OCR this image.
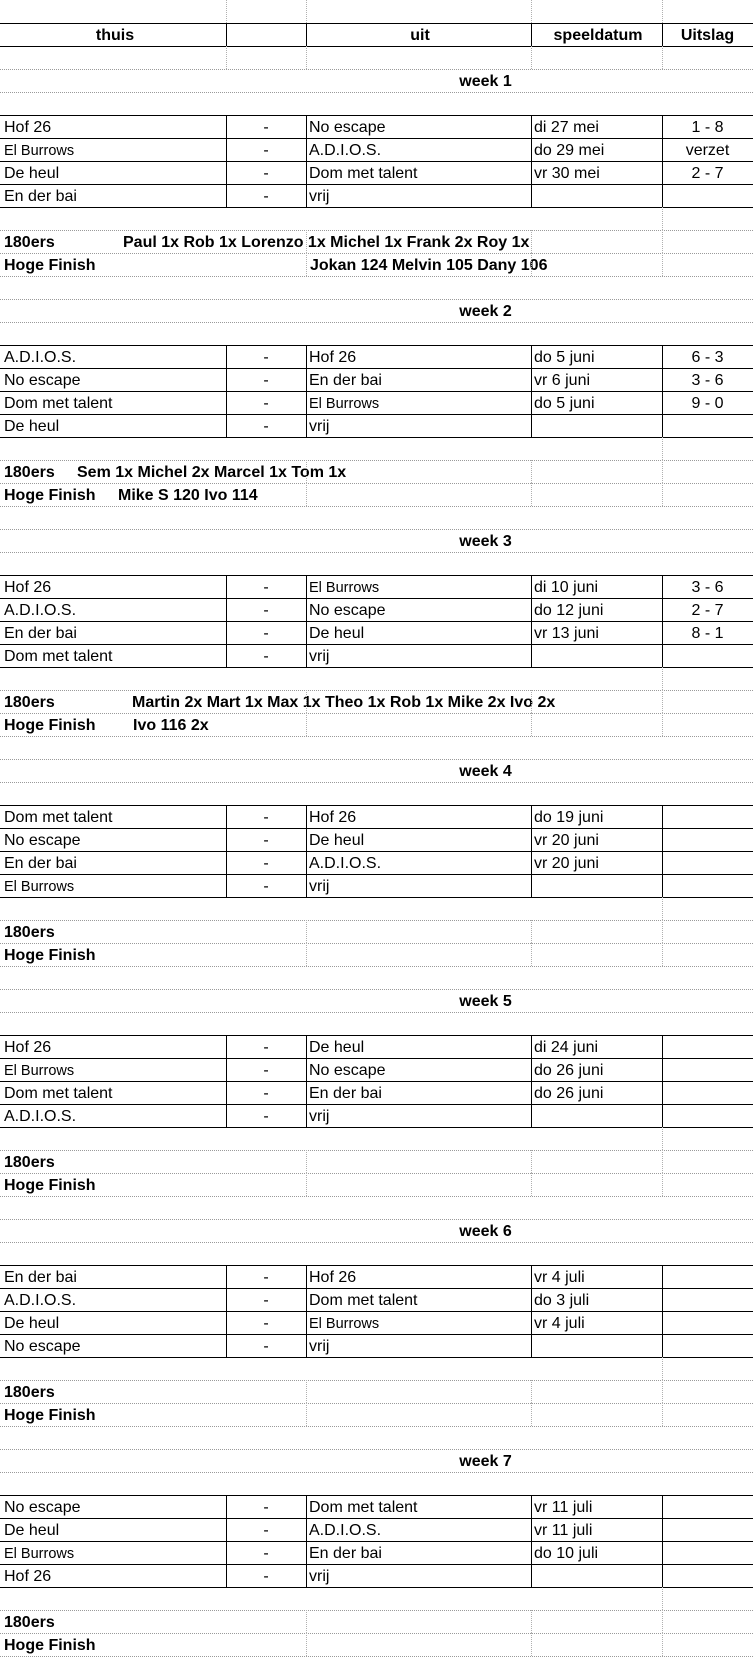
thuis	uit	speeldatum	Uitslag
week 1
Hof 26	-	No escape	di 27 mei	1 - 8
El Burrows	-	A.D.I.O.S.	do 29 mei	verzet
De heul	-	Dom met talent	vr 30 mei	2 - 7
En der bai	-	vrij
180ers	Paul 1x Rob 1x Lorenzo 1x Michel 1x Frank 2x Roy 1x
Hoge Finish	Jokan 124 Melvin 105 Dany 106
week 2
A.D.I.O.S.	-	Hof 26	do 5 juni	6 - 3
No escape	-	En der bai	vr 6 juni	3 - 6
Dom met talent	-	El Burrows	do 5 juni	9 - 0
De heul	-	vrij
180ers	Sem 1x Michel 2x Marcel 1x Tom 1x
Hoge Finish	Mike S 120 Ivo 114
week 3
Hof 26	-	El Burrows	di 10 juni	3 - 6
A.D.I.O.S.	-	No escape	do 12 juni	2 - 7
En der bai	-	De heul	vr 13 juni	8 - 1
Dom met talent	-	vrij
180ers	Martin 2x Mart 1x Max 1x Theo 1x Rob 1x Mike 2x Ivo 2x
Hoge Finish	Ivo 116 2x
week 4
Dom met talent	-	Hof 26	do 19 juni
No escape	-	De heul	vr 20 juni
En der bai	-	A.D.I.O.S.	vr 20 juni
El Burrows	-	vrij
180ers
Hoge Finish
week 5
Hof 26	-	De heul	di 24 juni
El Burrows	-	No escape	do 26 juni
Dom met talent	-	En der bai	do 26 juni
A.D.I.O.S.	-	vrij
180ers
Hoge Finish
week 6
En der bai	-	Hof 26	vr 4 juli
A.D.I.O.S.	-	Dom met talent	do 3 juli
De heul	-	El Burrows	vr 4 juli
No escape	-	vrij
180ers
Hoge Finish
week 7
No escape	-	Dom met talent	vr 11 juli
De heul	-	A.D.I.O.S.	vr 11 juli
El Burrows	-	En der bai	do 10 juli
Hof 26	-	vrij
180ers
Hoge Finish
